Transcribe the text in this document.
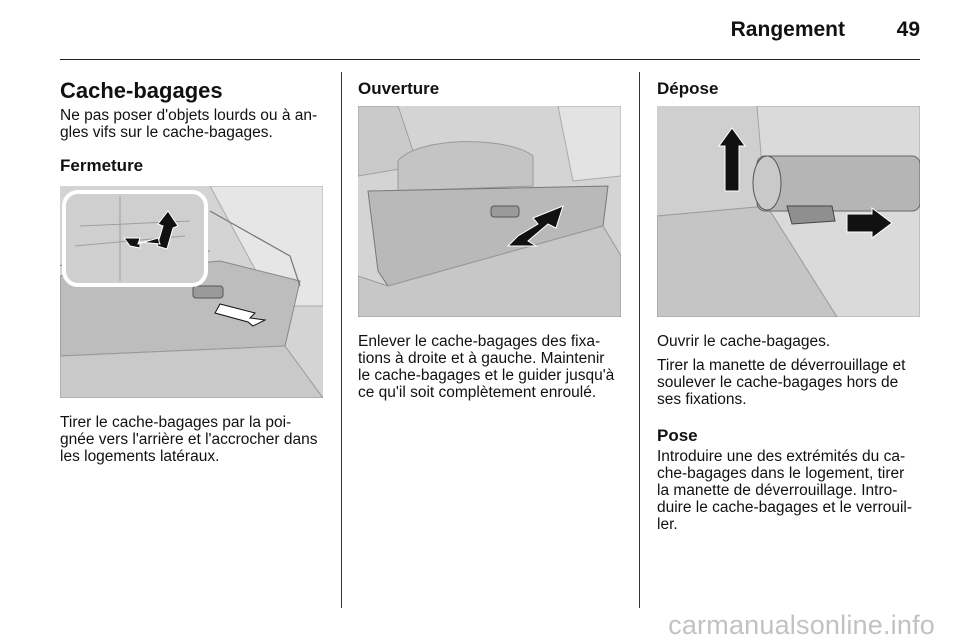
Rangement	49
Cache-bagages
Ne pas poser d'objets lourds ou à an-
gles vifs sur le cache-bagages.
Fermeture
Tirer le cache-bagages par la poi-
gnée vers l'arrière et l'accrocher dans
les logements latéraux.
Ouverture
Enlever le cache-bagages des fixa-
tions à droite et à gauche. Maintenir
le cache-bagages et le guider jusqu'à
ce qu'il soit complètement enroulé.
Dépose
Ouvrir le cache-bagages.
Tirer la manette de déverrouillage et
soulever le cache-bagages hors de
ses fixations.
Pose
Introduire une des extrémités du ca-
che-bagages dans le logement, tirer
la manette de déverrouillage. Intro-
duire le cache-bagages et le verrouil-
ler.
carmanualsonline.info
